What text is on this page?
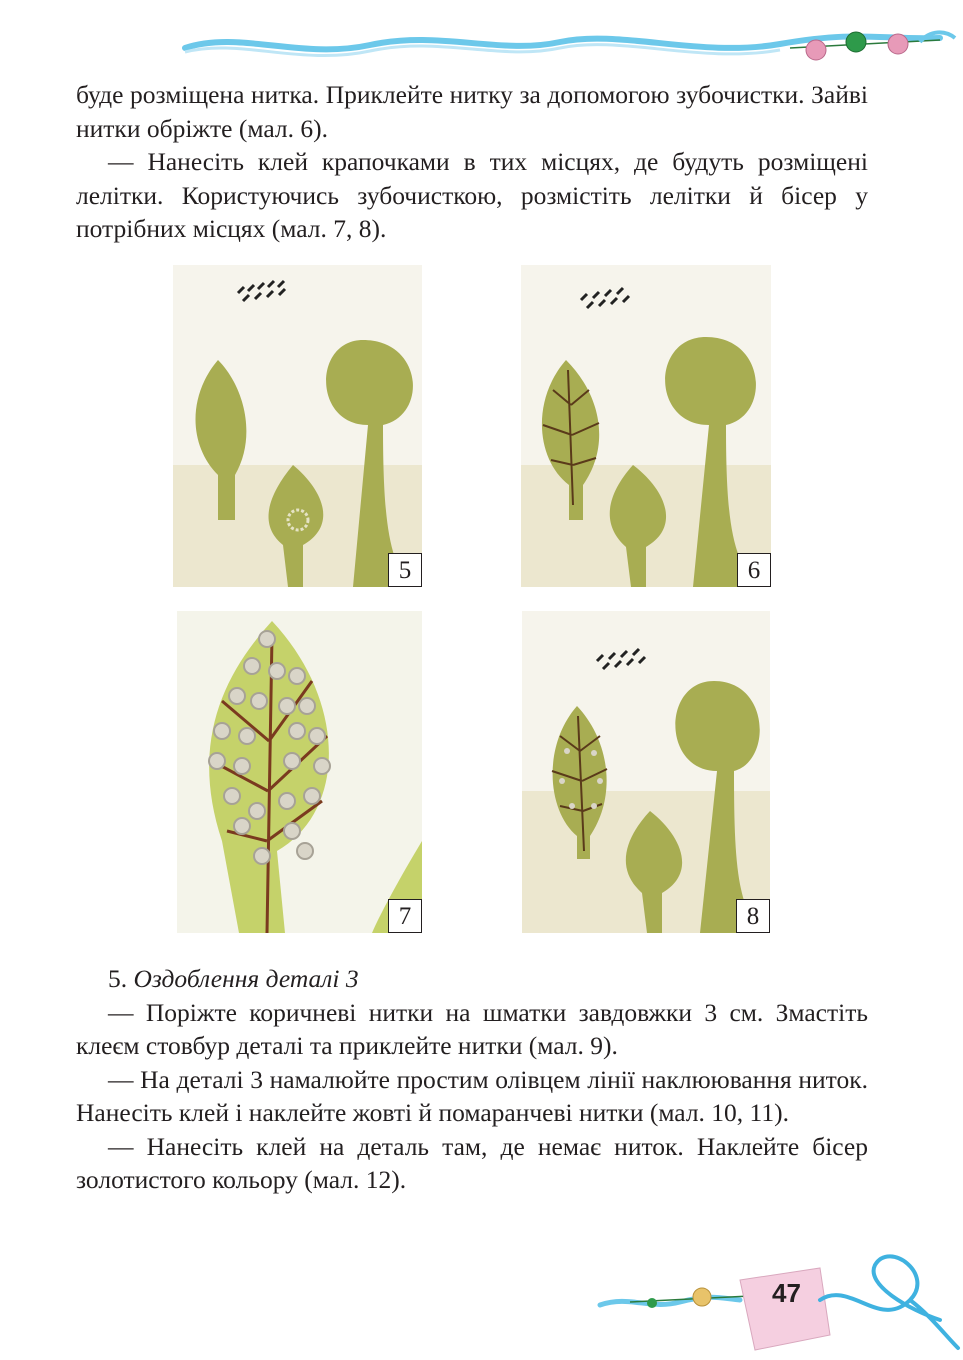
буде розміщена нитка. Приклейте нитку за допомогою зубочистки. Зайві нитки обріжте (мал. 6).

— Нанесіть клей крапочками в тих місцях, де будуть розміщені лелітки. Користуючись зубочисткою, розмістіть лелітки й бісер у потрібних місцях (мал. 7, 8).

5	6
7	8

5. Оздоблення деталі 3

— Поріжте коричневі нитки на шматки завдовжки 3 см. Змастіть клеєм стовбур деталі та приклейте нитки (мал. 9).

— На деталі 3 намалюйте простим олівцем лінії наклюювання ниток. Нанесіть клей і наклейте жовті й помаранчеві нитки (мал. 10, 11).

— Нанесіть клей на деталь там, де немає ниток. Наклейте бісер золотистого кольору (мал. 12).

47
